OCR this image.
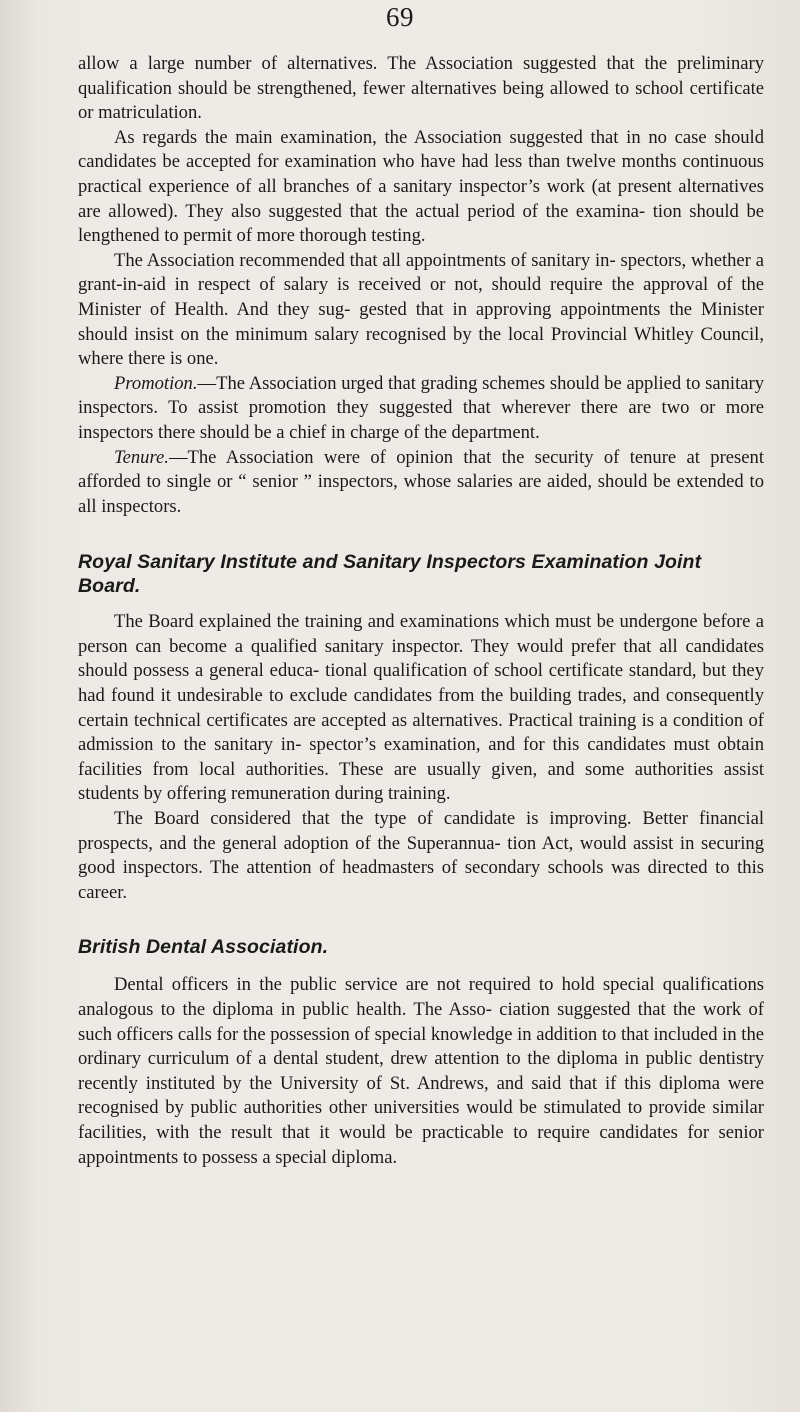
69

allow a large number of alternatives. The Association suggested that the preliminary qualification should be strengthened, fewer alternatives being allowed to school certificate or matriculation.

As regards the main examination, the Association suggested that in no case should candidates be accepted for examination who have had less than twelve months continuous practical experience of all branches of a sanitary inspector’s work (at present alternatives are allowed). They also suggested that the actual period of the examina- tion should be lengthened to permit of more thorough testing.

The Association recommended that all appointments of sanitary in- spectors, whether a grant-in-aid in respect of salary is received or not, should require the approval of the Minister of Health. And they sug- gested that in approving appointments the Minister should insist on the minimum salary recognised by the local Provincial Whitley Council, where there is one.

Promotion.—The Association urged that grading schemes should be applied to sanitary inspectors. To assist promotion they suggested that wherever there are two or more inspectors there should be a chief in charge of the department.

Tenure.—The Association were of opinion that the security of tenure at present afforded to single or “ senior ” inspectors, whose salaries are aided, should be extended to all inspectors.

Royal Sanitary Institute and Sanitary Inspectors Examination Joint Board.

The Board explained the training and examinations which must be undergone before a person can become a qualified sanitary inspector. They would prefer that all candidates should possess a general educa- tional qualification of school certificate standard, but they had found it undesirable to exclude candidates from the building trades, and consequently certain technical certificates are accepted as alternatives. Practical training is a condition of admission to the sanitary in- spector’s examination, and for this candidates must obtain facilities from local authorities. These are usually given, and some authorities assist students by offering remuneration during training.

The Board considered that the type of candidate is improving. Better financial prospects, and the general adoption of the Superannua- tion Act, would assist in securing good inspectors. The attention of headmasters of secondary schools was directed to this career.

British Dental Association.

Dental officers in the public service are not required to hold special qualifications analogous to the diploma in public health. The Asso- ciation suggested that the work of such officers calls for the possession of special knowledge in addition to that included in the ordinary curriculum of a dental student, drew attention to the diploma in public dentistry recently instituted by the University of St. Andrews, and said that if this diploma were recognised by public authorities other universities would be stimulated to provide similar facilities, with the result that it would be practicable to require candidates for senior appointments to possess a special diploma.
